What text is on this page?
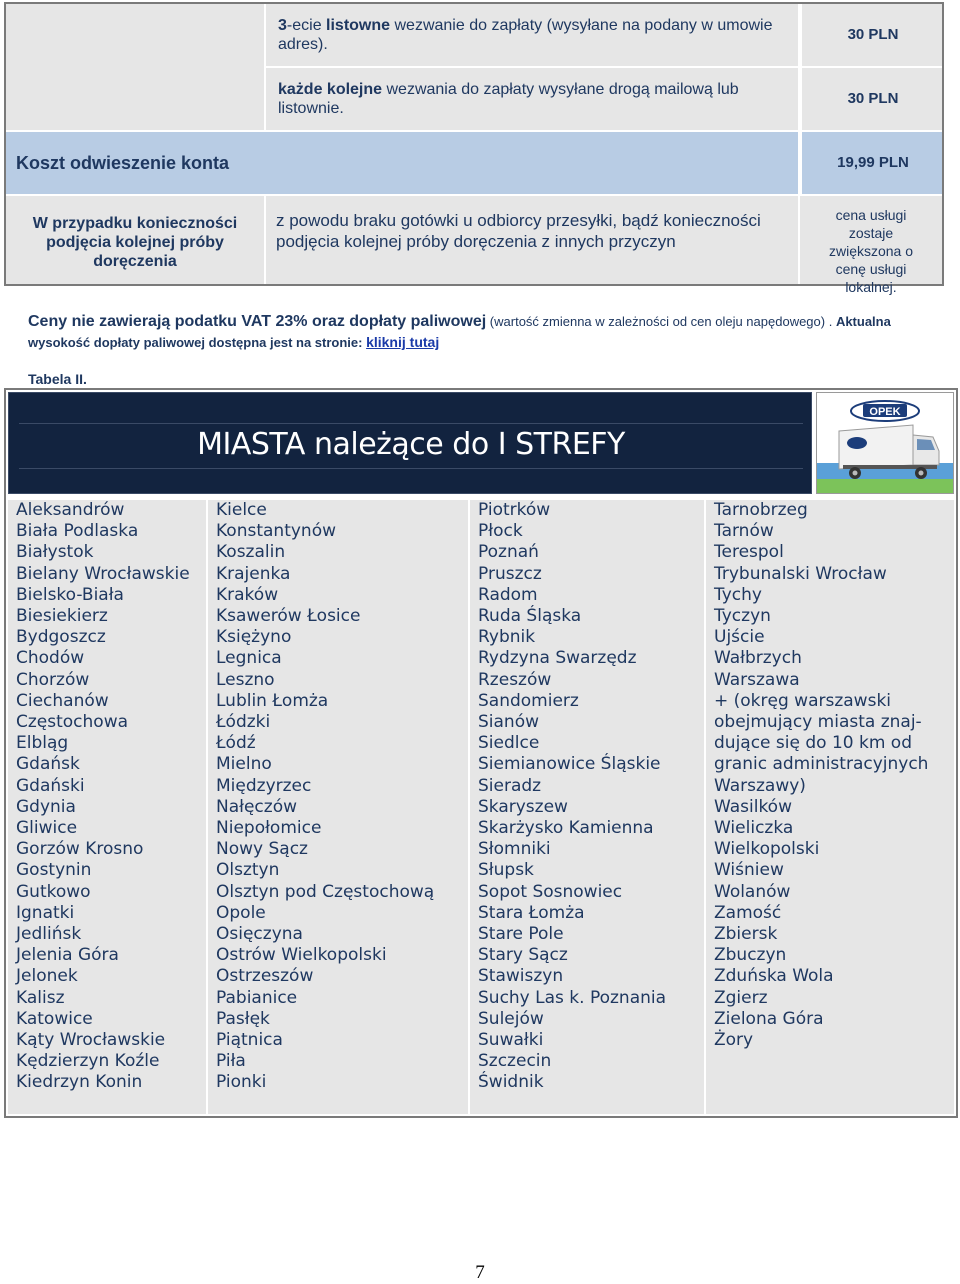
3-ecie listowne wezwanie do zapłaty (wysyłane na podany w umowie adres).
30 PLN
każde kolejne wezwania do zapłaty wysyłane drogą mailową lub listownie.
30 PLN
Koszt odwieszenie konta	19,99 PLN
W przypadku konieczności podjęcia kolejnej próby doręczenia
z powodu braku gotówki u odbiorcy przesyłki, bądź konieczności podjęcia kolejnej próby doręczenia z innych przyczyn
cena usługi zostaje zwiększona o cenę usługi lokalnej.
Ceny nie zawierają podatku VAT 23% oraz dopłaty paliwowej (wartość zmienna w zależności od cen oleju napędowego) . Aktualna wysokość dopłaty paliwowej dostępna jest na stronie: kliknij tutaj
Tabela II.
MIASTA należące do I STREFY
OPEK
Aleksandrów
Biała Podlaska
Białystok
Bielany Wrocławskie
Bielsko-Biała
Biesiekierz
Bydgoszcz
Chodów
Chorzów
Ciechanów
Częstochowa
Elbląg
Gdańsk
Gdański
Gdynia
Gliwice
Gorzów Krosno
Gostynin
Gutkowo
Ignatki
Jedlińsk
Jelenia Góra
Jelonek
Kalisz
Katowice
Kąty Wrocławskie
Kędzierzyn Koźle
Kiedrzyn Konin
Kielce
Konstantynów
Koszalin
Krajenka
Kraków
Ksawerów Łosice
Księżyno
Legnica
Leszno
Lublin Łomża
Łódzki
Łódź
Mielno
Międzyrzec
Nałęczów
Niepołomice
Nowy Sącz
Olsztyn
Olsztyn pod Częstochową
Opole
Osięczyna
Ostrów Wielkopolski
Ostrzeszów
Pabianice
Pasłęk
Piątnica
Piła
Pionki
Piotrków
Płock
Poznań
Pruszcz
Radom
Ruda Śląska
Rybnik
Rydzyna Swarzędz
Rzeszów
Sandomierz
Sianów
Siedlce
Siemianowice Śląskie
Sieradz
Skaryszew
Skarżysko Kamienna
Słomniki
Słupsk
Sopot Sosnowiec
Stara Łomża
Stare Pole
Stary Sącz
Stawiszyn
Suchy Las k. Poznania
Sulejów
Suwałki
Szczecin
Świdnik
Tarnobrzeg
Tarnów
Terespol
Trybunalski Wrocław
Tychy
Tyczyn
Ujście
Wałbrzych
Warszawa
+ (okręg warszawski
obejmujący miasta znaj-
dujące się do 10 km od
granic administracyjnych
Warszawy)
Wasilków
Wieliczka
Wielkopolski
Wiśniew
Wolanów
Zamość
Zbiersk
Zbuczyn
Zduńska Wola
Zgierz
Zielona Góra
Żory
7
